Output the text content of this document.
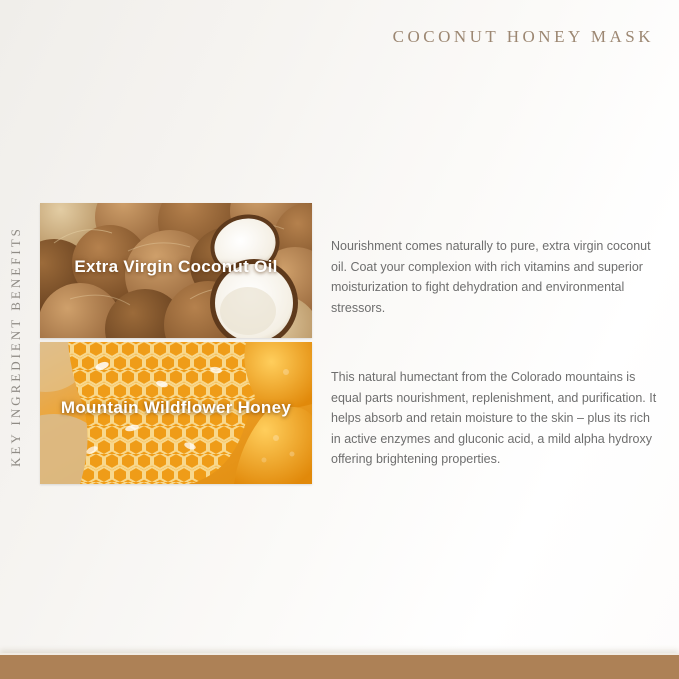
COCONUT HONEY MASK
KEY INGREDIENT BENEFITS	Extra Virgin Coconut Oil

Nourishment comes naturally to pure, extra virgin coconut oil. Coat your complexion with rich vitamins and superior moisturization to fight dehydration and environmental stressors.

Mountain Wildflower Honey

This natural humectant from the Colorado mountains is equal parts nourishment, replenishment, and purification. It helps absorb and retain moisture to the skin – plus its rich in active enzymes and gluconic acid, a mild alpha hydroxy offering brightening properties.
